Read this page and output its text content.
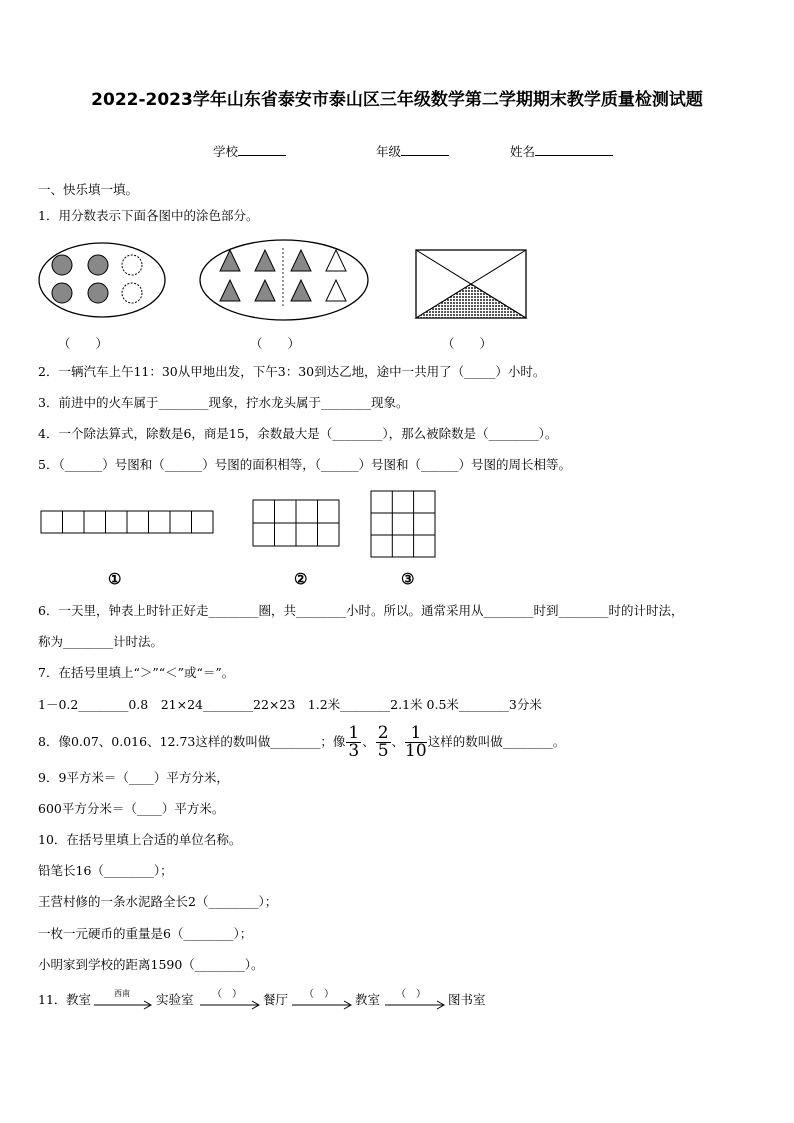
2022-2023学年山东省泰安市泰山区三年级数学第二学期期末教学质量检测试题
学校	年级	姓名
一、快乐填一填。
1．用分数表示下面各图中的涂色部分。
（　　）	（　　）	（　　）
2．一辆汽车上午11：30从甲地出发，下午3：30到达乙地，途中一共用了（_____）小时。
3．前进中的火车属于________现象，拧水龙头属于________现象。
4．一个除法算式，除数是6，商是15，余数最大是（________），那么被除数是（________）。
5．（______）号图和（______）号图的面积相等，（______）号图和（______）号图的周长相等。
①	②	③
6．一天里，钟表上时针正好走________圈，共________小时。所以。通常采用从________时到________时的计时法，
称为________计时法。
7．在括号里填上“＞”“＜”或“＝”。
1－0.2________0.8　21×24________22×23　1.2米________2.1米 0.5米________3分米
8．像0.07、0.016、12.73这样的数叫做________；像 $\frac{1}{3}$ 、 $\frac{2}{5}$ 、 $\frac{1}{10}$ 这样的数叫做________。
9．9平方米＝（____）平方分米，
600平方分米＝（____）平方米。
10．在括号里填上合适的单位名称。
铅笔长16（________）；
王营村修的一条水泥路全长2（________）；
一枚一元硬币的重量是6（________）；
小明家到学校的距离1590（________）。
11． 教室	西南 实验室 （　） 餐厅 （　） 教室 （　） 图书室
